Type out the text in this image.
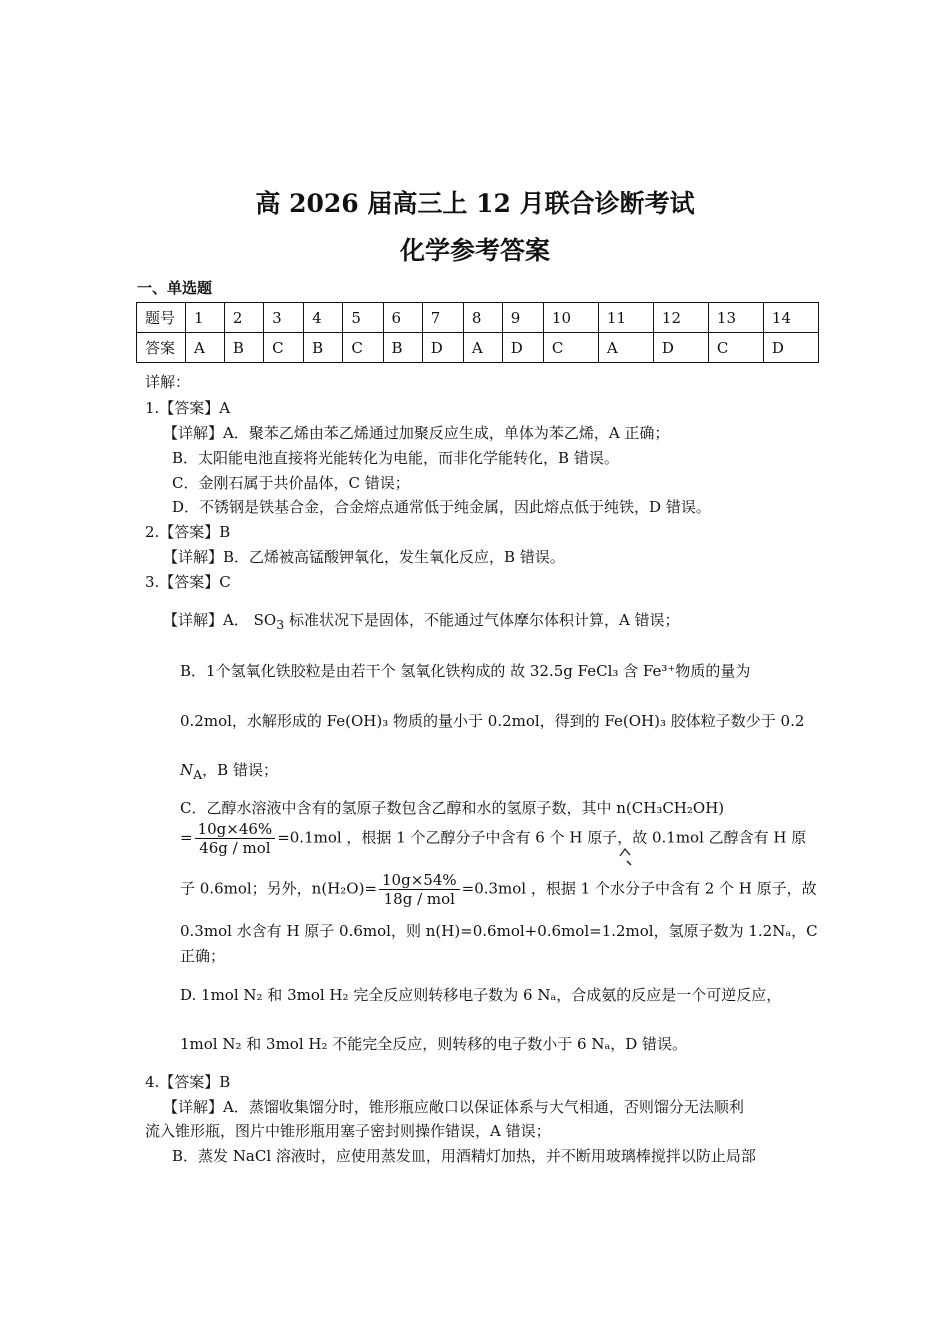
高 2026 届高三上 12 月联合诊断考试
化学参考答案
一、单选题
题号	1	2	3	4	5	6	7	8	9	10	11	12	13	14
答案	A	B	C	B	C	B	D	A	D	C	A	D	C	D
详解：
1.【答案】A
【详解】A．聚苯乙烯由苯乙烯通过加聚反应生成，单体为苯乙烯，A 正确；
B．太阳能电池直接将光能转化为电能，而非化学能转化，B 错误。
C．金刚石属于共价晶体，C 错误；
D．不锈钢是铁基合金，合金熔点通常低于纯金属，因此熔点低于纯铁，D 错误。
2.【答案】B
【详解】B．乙烯被高锰酸钾氧化，发生氧化反应，B 错误。
3.【答案】C
【详解】A． $SO_3$ 标准状况下是固体，不能通过气体摩尔体积计算，A 错误；
B．1个氢氧化铁胶粒是由若干个 氢氧化铁构成的 故 32.5g FeCl₃ 含 Fe³⁺物质的量为
0.2mol，水解形成的 Fe(OH)₃ 物质的量小于 0.2mol，得到的 Fe(OH)₃ 胶体粒子数少于 0.2
$N_A$，B 错误；
C．乙醇水溶液中含有的氢原子数包含乙醇和水的氢原子数，其中 n(CH₃CH₂OH)
= $\frac{10g\times 46\%}{\text{46g / mol}} =0.1mol$ ，根据 1 个乙醇分子中含有 6 个 H 原子，故 0.1mol 乙醇含有 H 原
子 0.6mol；另外，$n(H_2O)= \frac{10g\times 54\%}{\text{18g / mol}} =0.3mol$ ，根据 1 个水分子中含有 2 个 H 原子，故
0.3mol 水含有 H 原子 0.6mol，则 n(H)=0.6mol+0.6mol=1.2mol，氢原子数为 1.2Nₐ，C
正确；
D. 1mol N₂ 和 3mol H₂ 完全反应则转移电子数为 6 Nₐ，合成氨的反应是一个可逆反应，
1mol N₂ 和 3mol H₂ 不能完全反应，则转移的电子数小于 6 Nₐ，D 错误。
4.【答案】B
【详解】A．蒸馏收集馏分时，锥形瓶应敞口以保证体系与大气相通，否则馏分无法顺利
流入锥形瓶，图片中锥形瓶用塞子密封则操作错误，A 错误；
B．蒸发 NaCl 溶液时，应使用蒸发皿，用酒精灯加热，并不断用玻璃棒搅拌以防止局部
